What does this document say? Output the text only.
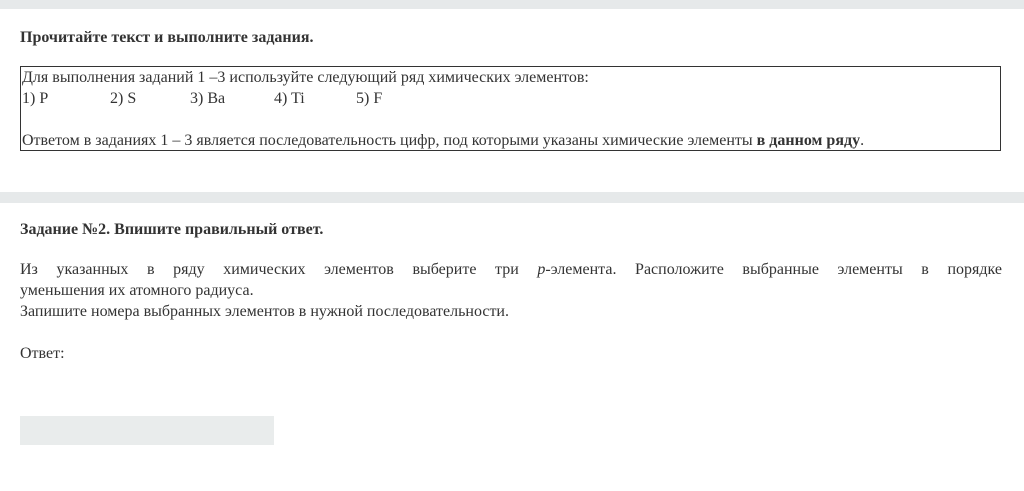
Прочитайте текст и выполните задания.
Для выполнения заданий 1 –3 используйте следующий ряд химических элементов:
1) P	2) S	3) Ba	4) Ti	5) F
Ответом в заданиях 1 – 3 является последовательность цифр, под которыми указаны химические элементы в данном ряду.
Задание №2. Впишите правильный ответ.
Из указанных в ряду химических элементов выберите три p-элемента. Расположите выбранные элементы в порядке
уменьшения их атомного радиуса.
Запишите номера выбранных элементов в нужной последовательности.
Ответ:
